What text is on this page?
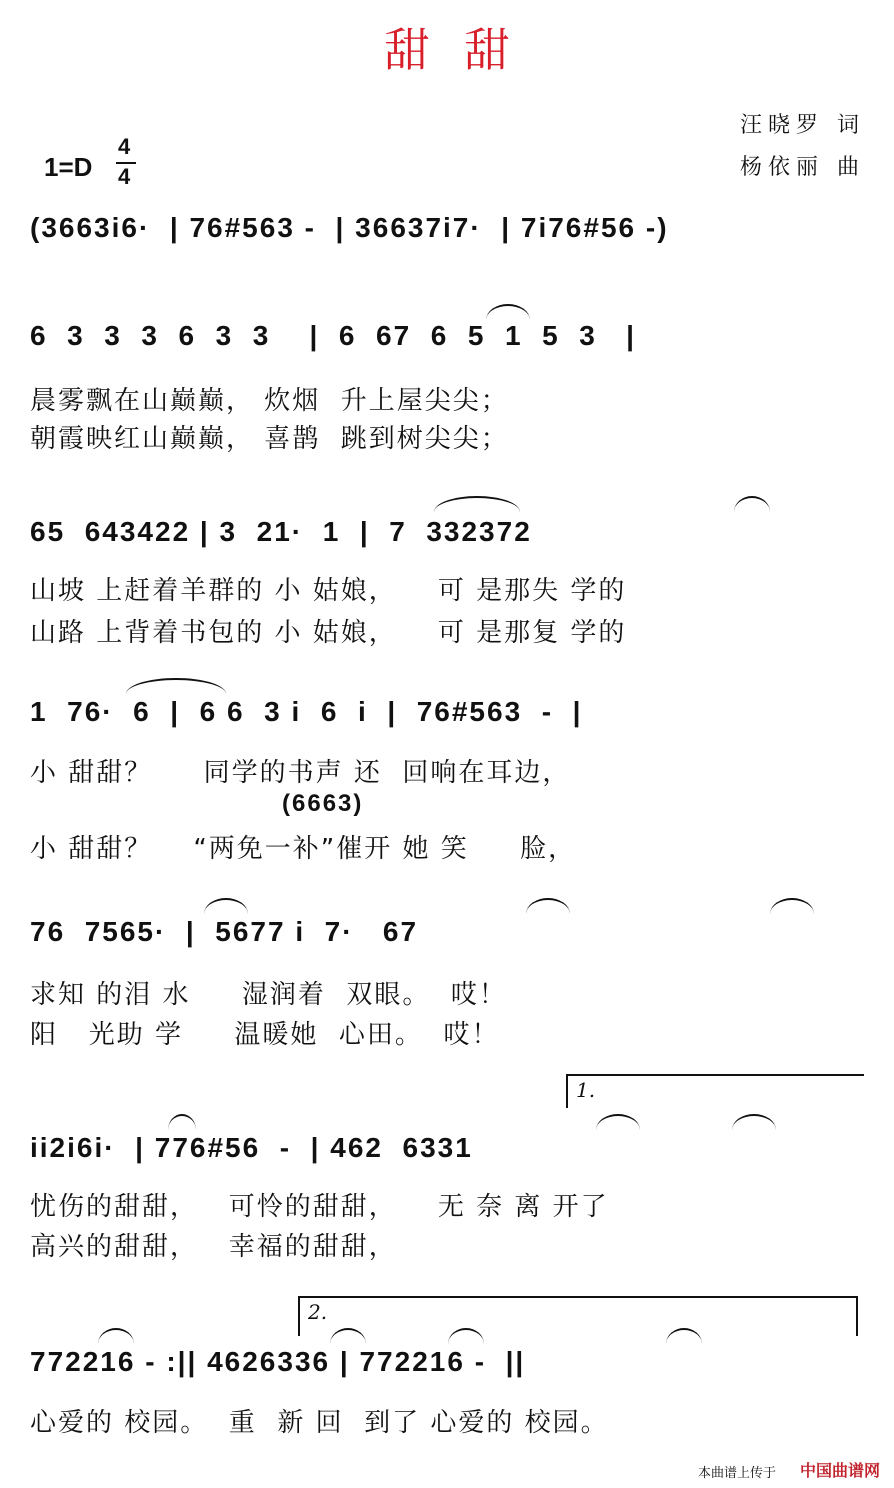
甜甜
汪晓罗 词
杨依丽 曲
1=D
4
4
(3663i6·  | 76#563 -  | 36637i7·  | 7i76#56 -)
6  3  3  3  6  3  3    |  6  67  6  5  1  5  3   |
晨雾飘在山巅巅， 炊烟  升上屋尖尖；
朝霞映红山巅巅， 喜鹊  跳到树尖尖；
65  643422 | 3  21·  1  |  7  332372
山坡 上赶着羊群的 小 姑娘，    可 是那失 学的
山路 上背着书包的 小 姑娘，    可 是那复 学的
1  76·  6  |  6 6  3 i  6  i  |  76#563  -  |
小 甜甜？     同学的书声 还  回响在耳边，
(6663)
小 甜甜？    “两免一补”催开 她 笑     脸，
76  7565·  |  5677 i  7·   67
求知 的泪 水     湿润着  双眼。  哎！
阳   光助 学     温暖她  心田。  哎！
1.
ii2i6i·  | 776#56  -  | 462  6331
忧伤的甜甜，   可怜的甜甜，    无 奈 离 开了
高兴的甜甜，   幸福的甜甜，
2.
772216 - :|| 4626336 | 772216 -  ||
心爱的 校园。  重  新 回  到了 心爱的 校园。
本曲谱上传于 中国曲谱网
